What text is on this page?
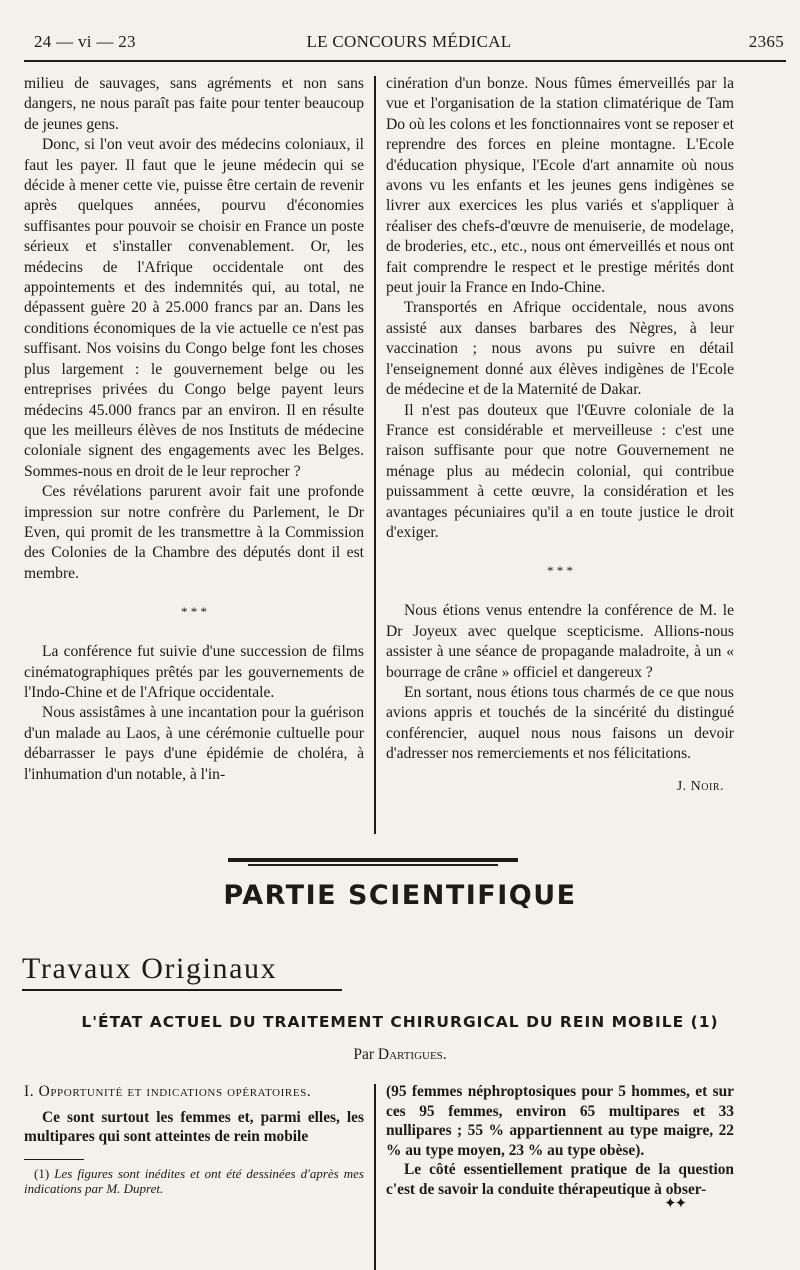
24 — vi — 23	LE CONCOURS MÉDICAL	2365

milieu de sauvages, sans agréments et non sans dangers, ne nous paraît pas faite pour tenter beaucoup de jeunes gens.

Donc, si l'on veut avoir des médecins coloniaux, il faut les payer. Il faut que le jeune médecin qui se décide à mener cette vie, puisse être certain de revenir après quelques années, pourvu d'économies suffisantes pour pouvoir se choisir en France un poste sérieux et s'installer convenablement. Or, les médecins de l'Afrique occidentale ont des appointements et des indemnités qui, au total, ne dépassent guère 20 à 25.000 francs par an. Dans les conditions économiques de la vie actuelle ce n'est pas suffisant. Nos voisins du Congo belge font les choses plus largement : le gouvernement belge ou les entreprises privées du Congo belge payent leurs médecins 45.000 francs par an environ. Il en résulte que les meilleurs élèves de nos Instituts de médecine coloniale signent des engagements avec les Belges. Sommes-nous en droit de le leur reprocher ?

Ces révélations parurent avoir fait une profonde impression sur notre confrère du Parlement, le Dr Even, qui promit de les transmettre à la Commission des Colonies de la Chambre des députés dont il est membre.

* * *

La conférence fut suivie d'une succession de films cinématographiques prêtés par les gouvernements de l'Indo-Chine et de l'Afrique occidentale.

Nous assistâmes à une incantation pour la guérison d'un malade au Laos, à une cérémonie cultuelle pour débarrasser le pays d'une épidémie de choléra, à l'inhumation d'un notable, à l'in-

cinération d'un bonze. Nous fûmes émerveillés par la vue et l'organisation de la station climatérique de Tam Do où les colons et les fonctionnaires vont se reposer et reprendre des forces en pleine montagne. L'Ecole d'éducation physique, l'Ecole d'art annamite où nous avons vu les enfants et les jeunes gens indigènes se livrer aux exercices les plus variés et s'appliquer à réaliser des chefs-d'œuvre de menuiserie, de modelage, de broderies, etc., etc., nous ont émerveillés et nous ont fait comprendre le respect et le prestige mérités dont peut jouir la France en Indo-Chine.

Transportés en Afrique occidentale, nous avons assisté aux danses barbares des Nègres, à leur vaccination ; nous avons pu suivre en détail l'enseignement donné aux élèves indigènes de l'Ecole de médecine et de la Maternité de Dakar.

Il n'est pas douteux que l'Œuvre coloniale de la France est considérable et merveilleuse : c'est une raison suffisante pour que notre Gouvernement ne ménage plus au médecin colonial, qui contribue puissamment à cette œuvre, la considération et les avantages pécuniaires qu'il a en toute justice le droit d'exiger.

* * *

Nous étions venus entendre la conférence de M. le Dr Joyeux avec quelque scepticisme. Allions-nous assister à une séance de propagande maladroite, à un « bourrage de crâne » officiel et dangereux ?

En sortant, nous étions tous charmés de ce que nous avions appris et touchés de la sincérité du distingué conférencier, auquel nous nous faisons un devoir d'adresser nos remerciements et nos félicitations.

J. Noir.
PARTIE SCIENTIFIQUE
Travaux Originaux
L'ÉTAT ACTUEL DU TRAITEMENT CHIRURGICAL DU REIN MOBILE (1)
Par Dartigues.

I. Opportunité et indications opératoires.

Ce sont surtout les femmes et, parmi elles, les multipares qui sont atteintes de rein mobile

(1) Les figures sont inédites et ont été dessinées d'après mes indications par M. Dupret.

(95 femmes néphroptosiques pour 5 hommes, et sur ces 95 femmes, environ 65 multipares et 33 nullipares ; 55 % appartiennent au type maigre, 22 % au type moyen, 23 % au type obèse).

Le côté essentiellement pratique de la question c'est de savoir la conduite thérapeutique à obser-

✦✦
